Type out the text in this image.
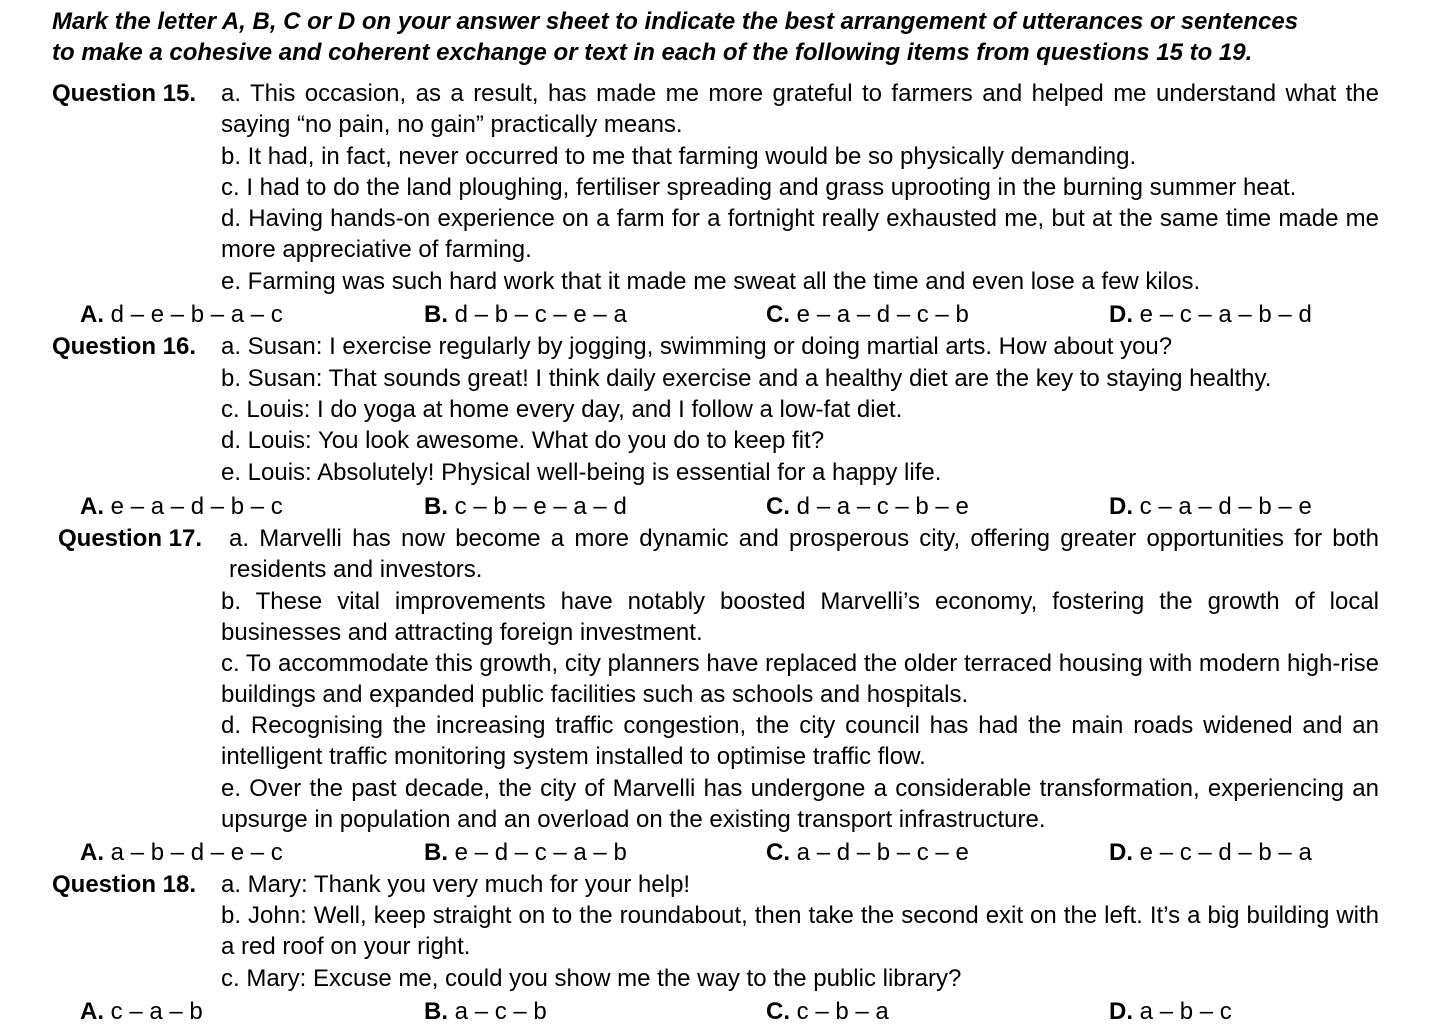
Mark the letter A, B, C or D on your answer sheet to indicate the best arrangement of utterances or sentences
to make a cohesive and coherent exchange or text in each of the following items from questions 15 to 19.
Question 15. a. This occasion, as a result, has made me more grateful to farmers and helped me understand what the saying “no pain, no gain” practically means.
b. It had, in fact, never occurred to me that farming would be so physically demanding.
c. I had to do the land ploughing, fertiliser spreading and grass uprooting in the burning summer heat.
d. Having hands-on experience on a farm for a fortnight really exhausted me, but at the same time made me more appreciative of farming.
e. Farming was such hard work that it made me sweat all the time and even lose a few kilos.
A. d – e – b – a – c	B. d – b – c – e – a	C. e – a – d – c – b	D. e – c – a – b – d
Question 16. a. Susan: I exercise regularly by jogging, swimming or doing martial arts. How about you?
b. Susan: That sounds great! I think daily exercise and a healthy diet are the key to staying healthy.
c. Louis: I do yoga at home every day, and I follow a low-fat diet.
d. Louis: You look awesome. What do you do to keep fit?
e. Louis: Absolutely! Physical well-being is essential for a happy life.
A. e – a – d – b – c	B. c – b – e – a – d	C. d – a – c – b – e	D. c – a – d – b – e
Question 17. a. Marvelli has now become a more dynamic and prosperous city, offering greater opportunities for both residents and investors.
b. These vital improvements have notably boosted Marvelli’s economy, fostering the growth of local businesses and attracting foreign investment.
c. To accommodate this growth, city planners have replaced the older terraced housing with modern high-rise buildings and expanded public facilities such as schools and hospitals.
d. Recognising the increasing traffic congestion, the city council has had the main roads widened and an intelligent traffic monitoring system installed to optimise traffic flow.
e. Over the past decade, the city of Marvelli has undergone a considerable transformation, experiencing an upsurge in population and an overload on the existing transport infrastructure.
A. a – b – d – e – c	B. e – d – c – a – b	C. a – d – b – c – e	D. e – c – d – b – a
Question 18. a. Mary: Thank you very much for your help!
b. John: Well, keep straight on to the roundabout, then take the second exit on the left. It’s a big building with a red roof on your right.
c. Mary: Excuse me, could you show me the way to the public library?
A. c – a – b	B. a – c – b	C. c – b – a	D. a – b – c
